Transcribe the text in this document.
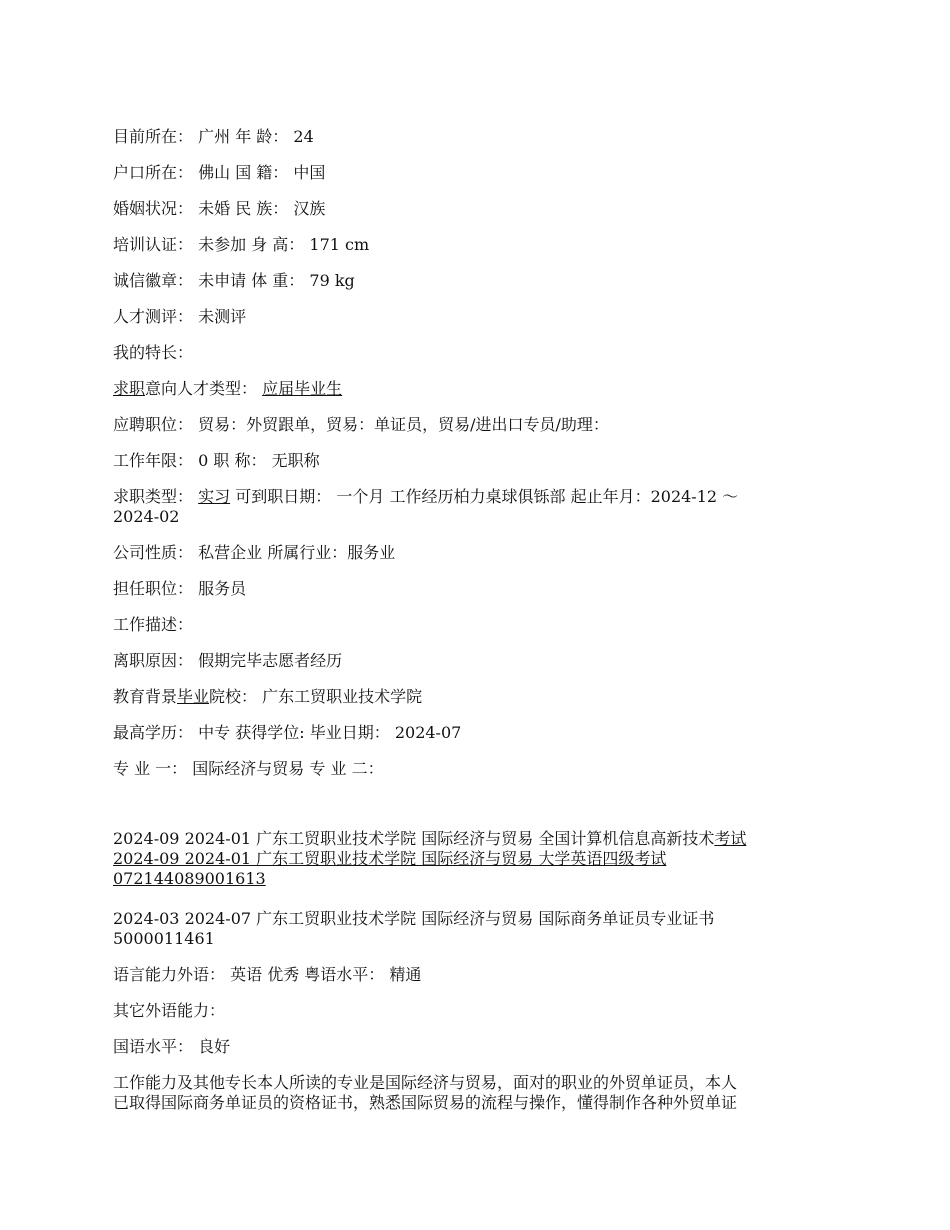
目前所在： 广州 年 龄： 24

户口所在： 佛山 国 籍： 中国

婚姻状况： 未婚 民 族： 汉族

培训认证： 未参加 身 高： 171 cm

诚信徽章： 未申请 体 重： 79 kg

人才测评： 未测评

我的特长：

求职意向人才类型： 应届毕业生

应聘职位： 贸易：外贸跟单，贸易：单证员，贸易/进出口专员/助理：

工作年限： 0 职 称： 无职称

求职类型： 实习 可到职日期： 一个月 工作经历柏力桌球俱铄部 起止年月：2024-12 ～
2024-02

公司性质： 私营企业 所属行业：服务业

担任职位： 服务员

工作描述：

离职原因： 假期完毕志愿者经历

教育背景毕业院校： 广东工贸职业技术学院

最高学历： 中专 获得学位: 毕业日期： 2024-07

专 业 一： 国际经济与贸易 专 业 二：

2024-09 2024-01 广东工贸职业技术学院 国际经济与贸易 全国计算机信息高新技术考试
2024-09 2024-01 广东工贸职业技术学院 国际经济与贸易 大学英语四级考试
072144089001613
2024-03 2024-07 广东工贸职业技术学院 国际经济与贸易 国际商务单证员专业证书
5000011461

语言能力外语： 英语 优秀 粤语水平： 精通

其它外语能力：

国语水平： 良好

工作能力及其他专长本人所读的专业是国际经济与贸易，面对的职业的外贸单证员，本人
已取得国际商务单证员的资格证书，熟悉国际贸易的流程与操作，懂得制作各种外贸单证
